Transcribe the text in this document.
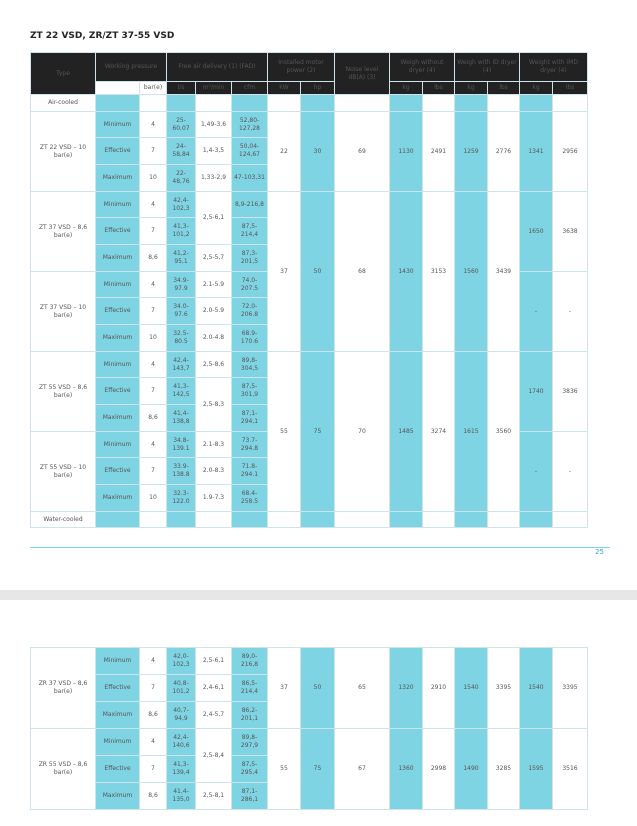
ZT 22 VSD, ZR/ZT 37-55 VSD
Type	Working pressure		Free air delivery (1) (FAD)			Installed motor power (2)		Noise level dB(A) (3)	Weigh without dryer (4)		Weigh with ID dryer (4)		Weight with iMD dryer (4)	
		bar(e)	l/s	m³/min	cfm	kW	hp		kg	lbs	kg	lbs	kg	lbs
Air-cooled														
ZT 22 VSD – 10 bar(e)	Minimum	4	25-60,07	1,49-3,6	52,80-127,28	22	30	69	1130	2491	1259	2776	1341	2956
	Effective	7	24-58,84	1,4-3,5	50,04-124,67									
	Maximum	10	22-48,76	1,33-2,9	47-103,31									
ZT 37 VSD – 8,6 bar(e)	Minimum	4	42,4-102,3	2,5-6,1	8,9-216,8	37	50	68	1430	3153	1560	3439	1650	3638
	Effective	7	41,3-101,2		87,5-214,4									
	Maximum	8,6	41,2-95,1	2,5-5,7	87,3-201,5									
ZT 37 VSD – 10 bar(e)	Minimum	4	34.9-97.9	2.1-5.9	74.0-207.5								-	-
	Effective	7	34.0-97.6	2.0-5.9	72.0-206.8									
	Maximum	10	32.5-80.5	2.0-4.8	68.9-170.6									
ZT 55 VSD – 8,6 bar(e)	Minimum	4	42,4-143,7	2,5-8,6	89,8-304,5	55	75	70	1485	3274	1615	3560	1740	3836
	Effective	7	41,3-142,5	2,5-8,3	87,5-301,9									
	Maximum	8,6	41,4-138,8		87,1-294,1									
ZT 55 VSD – 10 bar(e)	Minimum	4	34.8-139.1	2.1-8.3	73.7-294.8								-	-
	Effective	7	33.9-138.8	2.0-8.3	71.8-294.1									
	Maximum	10	32.3-122.0	1.9-7.3	68.4-258.5									
Water-cooled														
25
ZR 37 VSD – 8,6 bar(e)	Minimum	4	42,0-102,3	2,5-6,1	89,0-216,8	37	50	65	1320	2910	1540	3395	1540	3395
	Effective	7	40,8-101,2	2,4-6,1	86,5-214,4									
	Maximum	8,6	40,7-94,9	2,4-5,7	86,2-201,1									
ZR 55 VSD – 8,6 bar(e)	Minimum	4	42,4-140,6	2,5-8,4	89,8-297,9	55	75	67	1360	2998	1490	3285	1595	3516
	Effective	7	41,3-139,4		87,5-295,4									
	Maximum	8,6	41,4-135,0	2,5-8,1	87,1-286,1									
